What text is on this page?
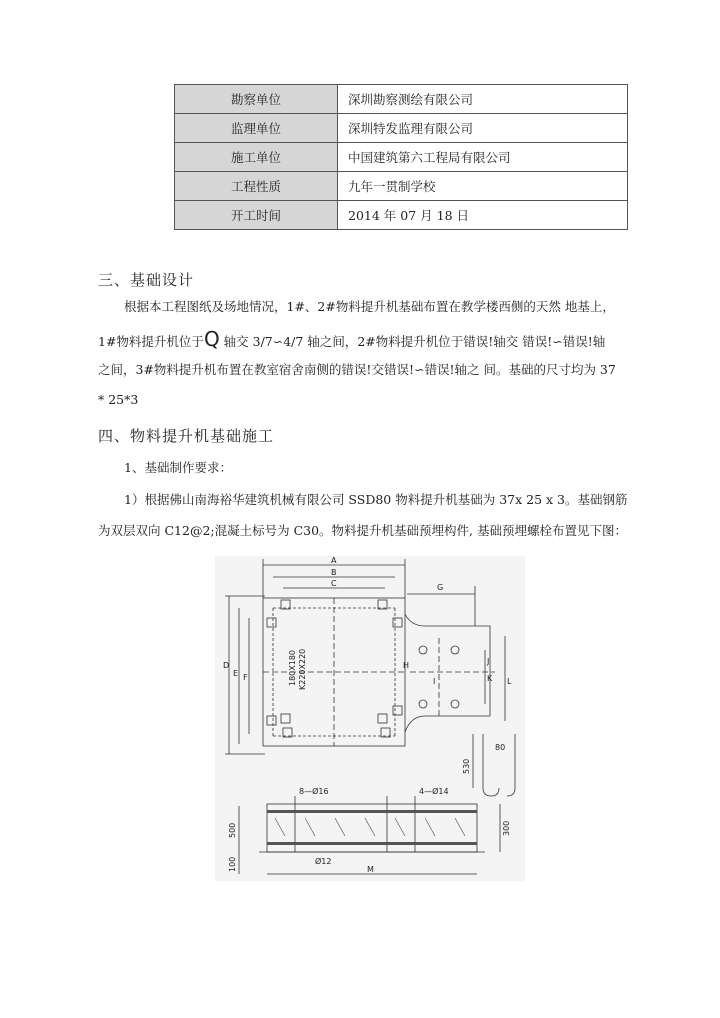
勘察单位	深圳勘察测绘有限公司
监理单位	深圳特发监理有限公司
施工单位	中国建筑第六工程局有限公司
工程性质	九年一贯制学校
开工时间	2014 年 07 月 18 日
三、基础设计
根据本工程图纸及场地情况，1#、2#物料提升机基础布置在教学楼西侧的天然 地基上，
1#物料提升机位于Q 轴交 3/7∽4/7 轴之间，2#物料提升机位于错误!轴交 错误!∽错误!轴
之间，3#物料提升机布置在教室宿舍南侧的错误!交错误!∽错误!轴之 间。基础的尺寸均为 37
* 25*3
四、物料提升机基础施工
1、基础制作要求：
1）根据佛山南海裕华建筑机械有限公司 SSD80 物料提升机基础为 37x 25 x 3。基础钢筋
为双层双向 C12@2;混凝土标号为 C30。物料提升机基础预埋构件, 基础预埋螺栓布置见下图：
A
B
C
D
E F
G
H
I
J
K L
M
180X180 K220X220
80
530
500	300
100
8—Ø16	4—Ø14
Ø12
